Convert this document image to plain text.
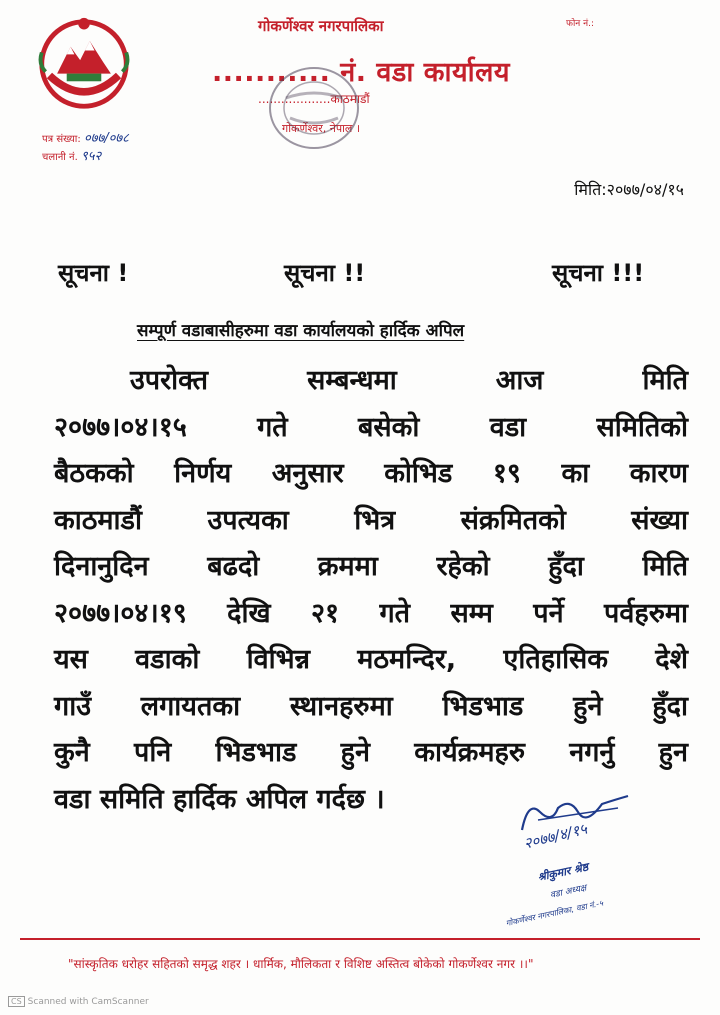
गोकर्णेश्वर नगरपालिका
........... नं. वडा कार्यालय
...................काठमाडौं
गोकर्णेश्वर, नेपाल ।
फोन नं.:
पत्र संख्या: ०७७/०७८
चलानी नं. ९५२
मिति:२०७७/०४/१५
सूचना !	सूचना !!	सूचना !!!
सम्पूर्ण वडाबासीहरुमा वडा कार्यालयको हार्दिक अपिल
उपरोक्त सम्बन्धमा आज मिति
२०७७।०४।१५ गते बसेको वडा समितिको
बैठकको निर्णय अनुसार कोभिड १९ का कारण
काठमाडौं उपत्यका भित्र संक्रमितको संख्या
दिनानुदिन बढदो क्रममा रहेको हुँदा मिति
२०७७।०४।१९ देखि २१ गते सम्म पर्ने पर्वहरुमा
यस वडाको विभिन्न मठमन्दिर, एतिहासिक देशे
गाउँ लगायतका स्थानहरुमा भिडभाड हुने हुँदा
कुनै पनि भिडभाड हुने कार्यक्रमहरु नगर्नु हुन
वडा समिति हार्दिक अपिल गर्दछ ।
२०७७/४/१५
श्रीकुमार श्रेष्ठ
वडा अध्यक्ष
गोकर्णेश्वर नगरपालिका, वडा नं.-५
"सांस्कृतिक धरोहर सहितको समृद्ध शहर । धार्मिक, मौलिकता र विशिष्ट अस्तित्व बोकेको गोकर्णेश्वर नगर ।।"
CS Scanned with CamScanner
